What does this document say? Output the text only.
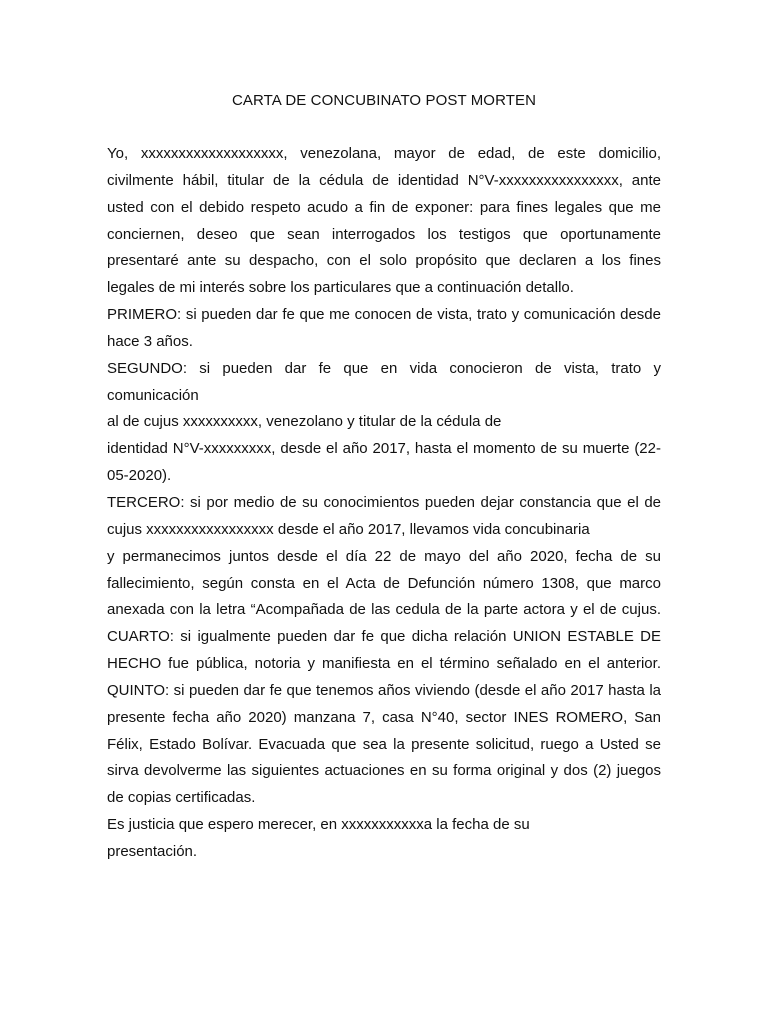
CARTA DE CONCUBINATO POST MORTEN
Yo, xxxxxxxxxxxxxxxxxxx, venezolana, mayor de edad, de este domicilio,
civilmente hábil, titular de la cédula de identidad N°V-xxxxxxxxxxxxxxxx, ante
usted con el debido respeto acudo a fin de exponer: para fines legales que me
conciernen, deseo que sean interrogados los testigos que oportunamente
presentaré ante su despacho, con el solo propósito que declaren a los fines
legales de mi interés sobre los particulares que a continuación detallo.
PRIMERO: si pueden dar fe que me conocen de vista, trato y comunicación desde
hace 3 años.
SEGUNDO: si pueden dar fe que en vida conocieron de vista, trato y
comunicación
al de cujus xxxxxxxxxx, venezolano y titular de la cédula de
identidad N°V-xxxxxxxxx, desde el año 2017, hasta el momento de su muerte (22-
05-2020).
TERCERO: si por medio de su conocimientos pueden dejar constancia que el de
cujus xxxxxxxxxxxxxxxxx desde el año 2017, llevamos vida concubinaria
y permanecimos juntos desde el día 22 de mayo del año 2020, fecha de su
fallecimiento, según consta en el Acta de Defunción número 1308, que marco
anexada con la letra “Acompañada de las cedula de la parte actora y el de cujus.
CUARTO: si igualmente pueden dar fe que dicha relación UNION ESTABLE DE
HECHO fue pública, notoria y manifiesta en el término señalado en el anterior.
QUINTO: si pueden dar fe que tenemos años viviendo (desde el año 2017 hasta la
presente fecha año 2020) manzana 7, casa N°40, sector INES ROMERO, San
Félix, Estado Bolívar. Evacuada que sea la presente solicitud, ruego a Usted se
sirva devolverme las siguientes actuaciones en su forma original y dos (2) juegos
de copias certificadas.
Es justicia que espero merecer, en xxxxxxxxxxxa la fecha de su
presentación.
